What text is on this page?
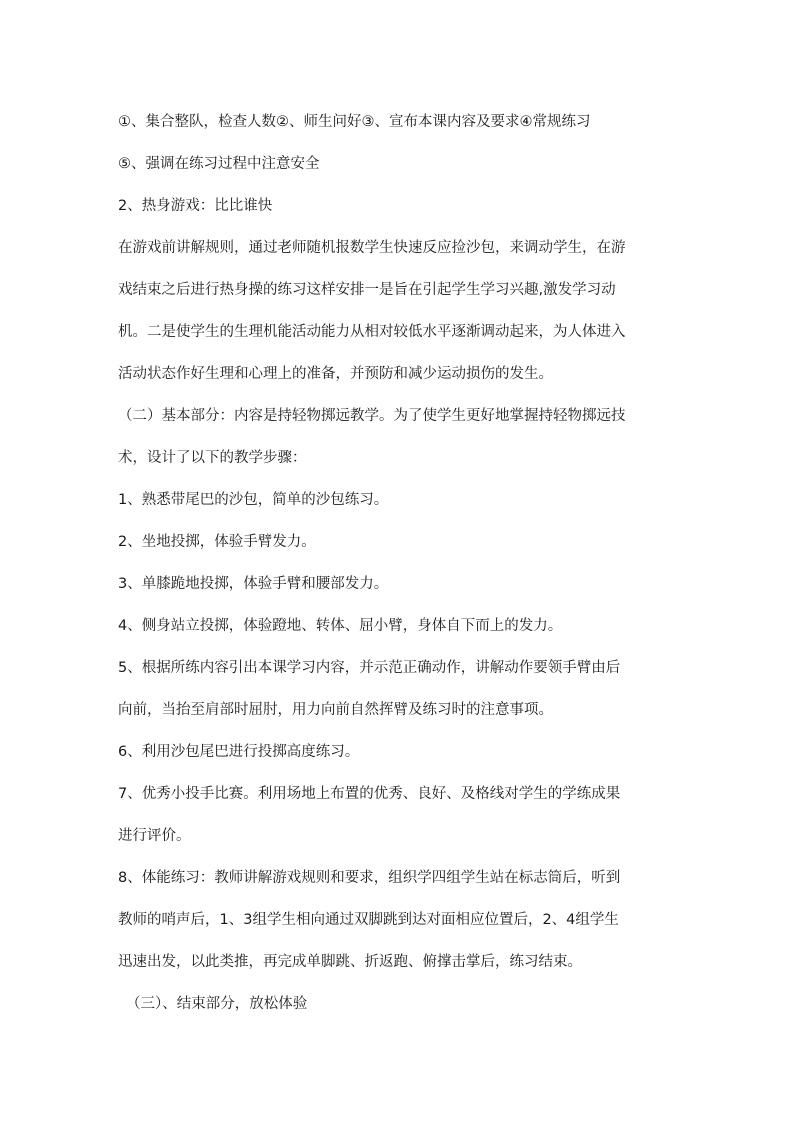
①、集合整队，检查人数②、师生问好③、宣布本课内容及要求④常规练习
⑤、强调在练习过程中注意安全
2、热身游戏：比比谁快
在游戏前讲解规则，通过老师随机报数学生快速反应捡沙包，来调动学生，在游
戏结束之后进行热身操的练习这样安排一是旨在引起学生学习兴趣,激发学习动
机。二是使学生的生理机能活动能力从相对较低水平逐渐调动起来，为人体进入
活动状态作好生理和心理上的准备，并预防和减少运动损伤的发生。
（二）基本部分：内容是持轻物掷远教学。为了使学生更好地掌握持轻物掷远技
术，设计了以下的教学步骤：
1、熟悉带尾巴的沙包，简单的沙包练习。
2、坐地投掷，体验手臂发力。
3、单膝跪地投掷，体验手臂和腰部发力。
4、侧身站立投掷，体验蹬地、转体、屈小臂，身体自下而上的发力。
5、根据所练内容引出本课学习内容，并示范正确动作，讲解动作要领手臂由后
向前，当抬至肩部时屈肘，用力向前自然挥臂及练习时的注意事项。
6、利用沙包尾巴进行投掷高度练习。
7、优秀小投手比赛。利用场地上布置的优秀、良好、及格线对学生的学练成果
进行评价。
8、体能练习：教师讲解游戏规则和要求，组织学四组学生站在标志筒后，听到
教师的哨声后，1、3组学生相向通过双脚跳到达对面相应位置后，2、4组学生
迅速出发，以此类推，再完成单脚跳、折返跑、俯撑击掌后，练习结束。
（三）、结束部分，放松体验
